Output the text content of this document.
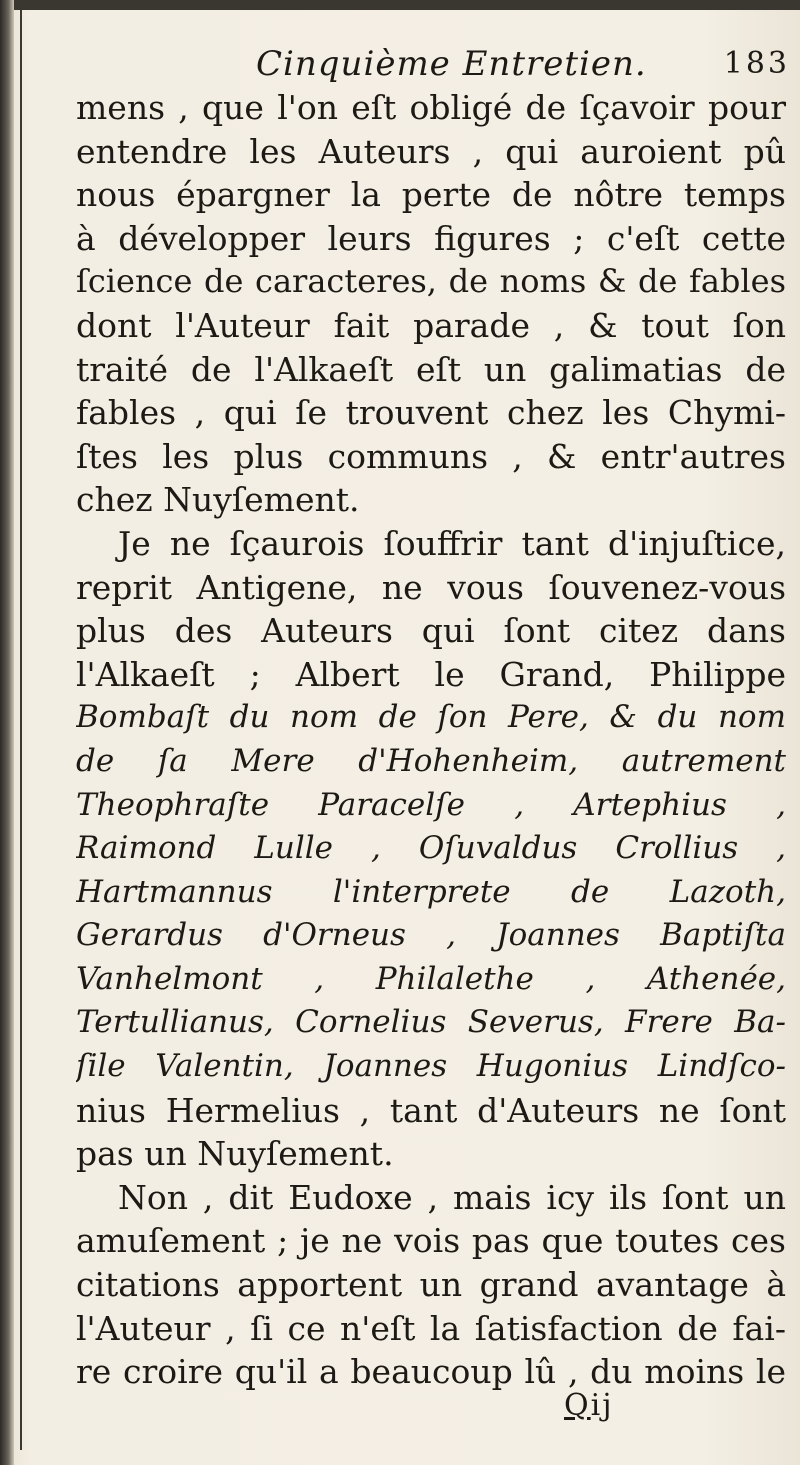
Cinquième Entretien.	183
mens , que l'on eſt obligé de ſçavoir pour
entendre les Auteurs , qui auroient pû
nous épargner la perte de nôtre temps
à développer leurs figures ; c'eſt cette
ſcience de caracteres, de noms & de fables
dont l'Auteur fait parade , & tout ſon
traité de l'Alkaeſt eſt un galimatias de
fables , qui ſe trouvent chez les Chymi-
ſtes les plus communs , & entr'autres
chez Nuyſement.
Je ne ſçaurois ſouffrir tant d'injuſtice,
reprit Antigene, ne vous ſouvenez-vous
plus des Auteurs qui ſont citez dans
l'Alkaeſt ; Albert le Grand, Philippe
Bombaſt du nom de ſon Pere, & du nom
de ſa Mere d'Hohenheim, autrement
Theophraſte Paracelſe , Artephius ,
Raimond Lulle , Oſuvaldus Crollius ,
Hartmannus l'interprete de Lazoth,
Gerardus d'Orneus , Joannes Baptiſta
Vanhelmont , Philalethe , Athenée,
Tertullianus, Cornelius Severus, Frere Ba-
ſile Valentin, Joannes Hugonius Lindſco-
nius Hermelius , tant d'Auteurs ne ſont
pas un Nuyſement.
Non , dit Eudoxe , mais icy ils ſont un
amuſement ; je ne vois pas que toutes ces
citations apportent un grand avantage à
l'Auteur , ſi ce n'eſt la ſatisfaction de fai-
re croire qu'il a beaucoup lû , du moins le
Qij
